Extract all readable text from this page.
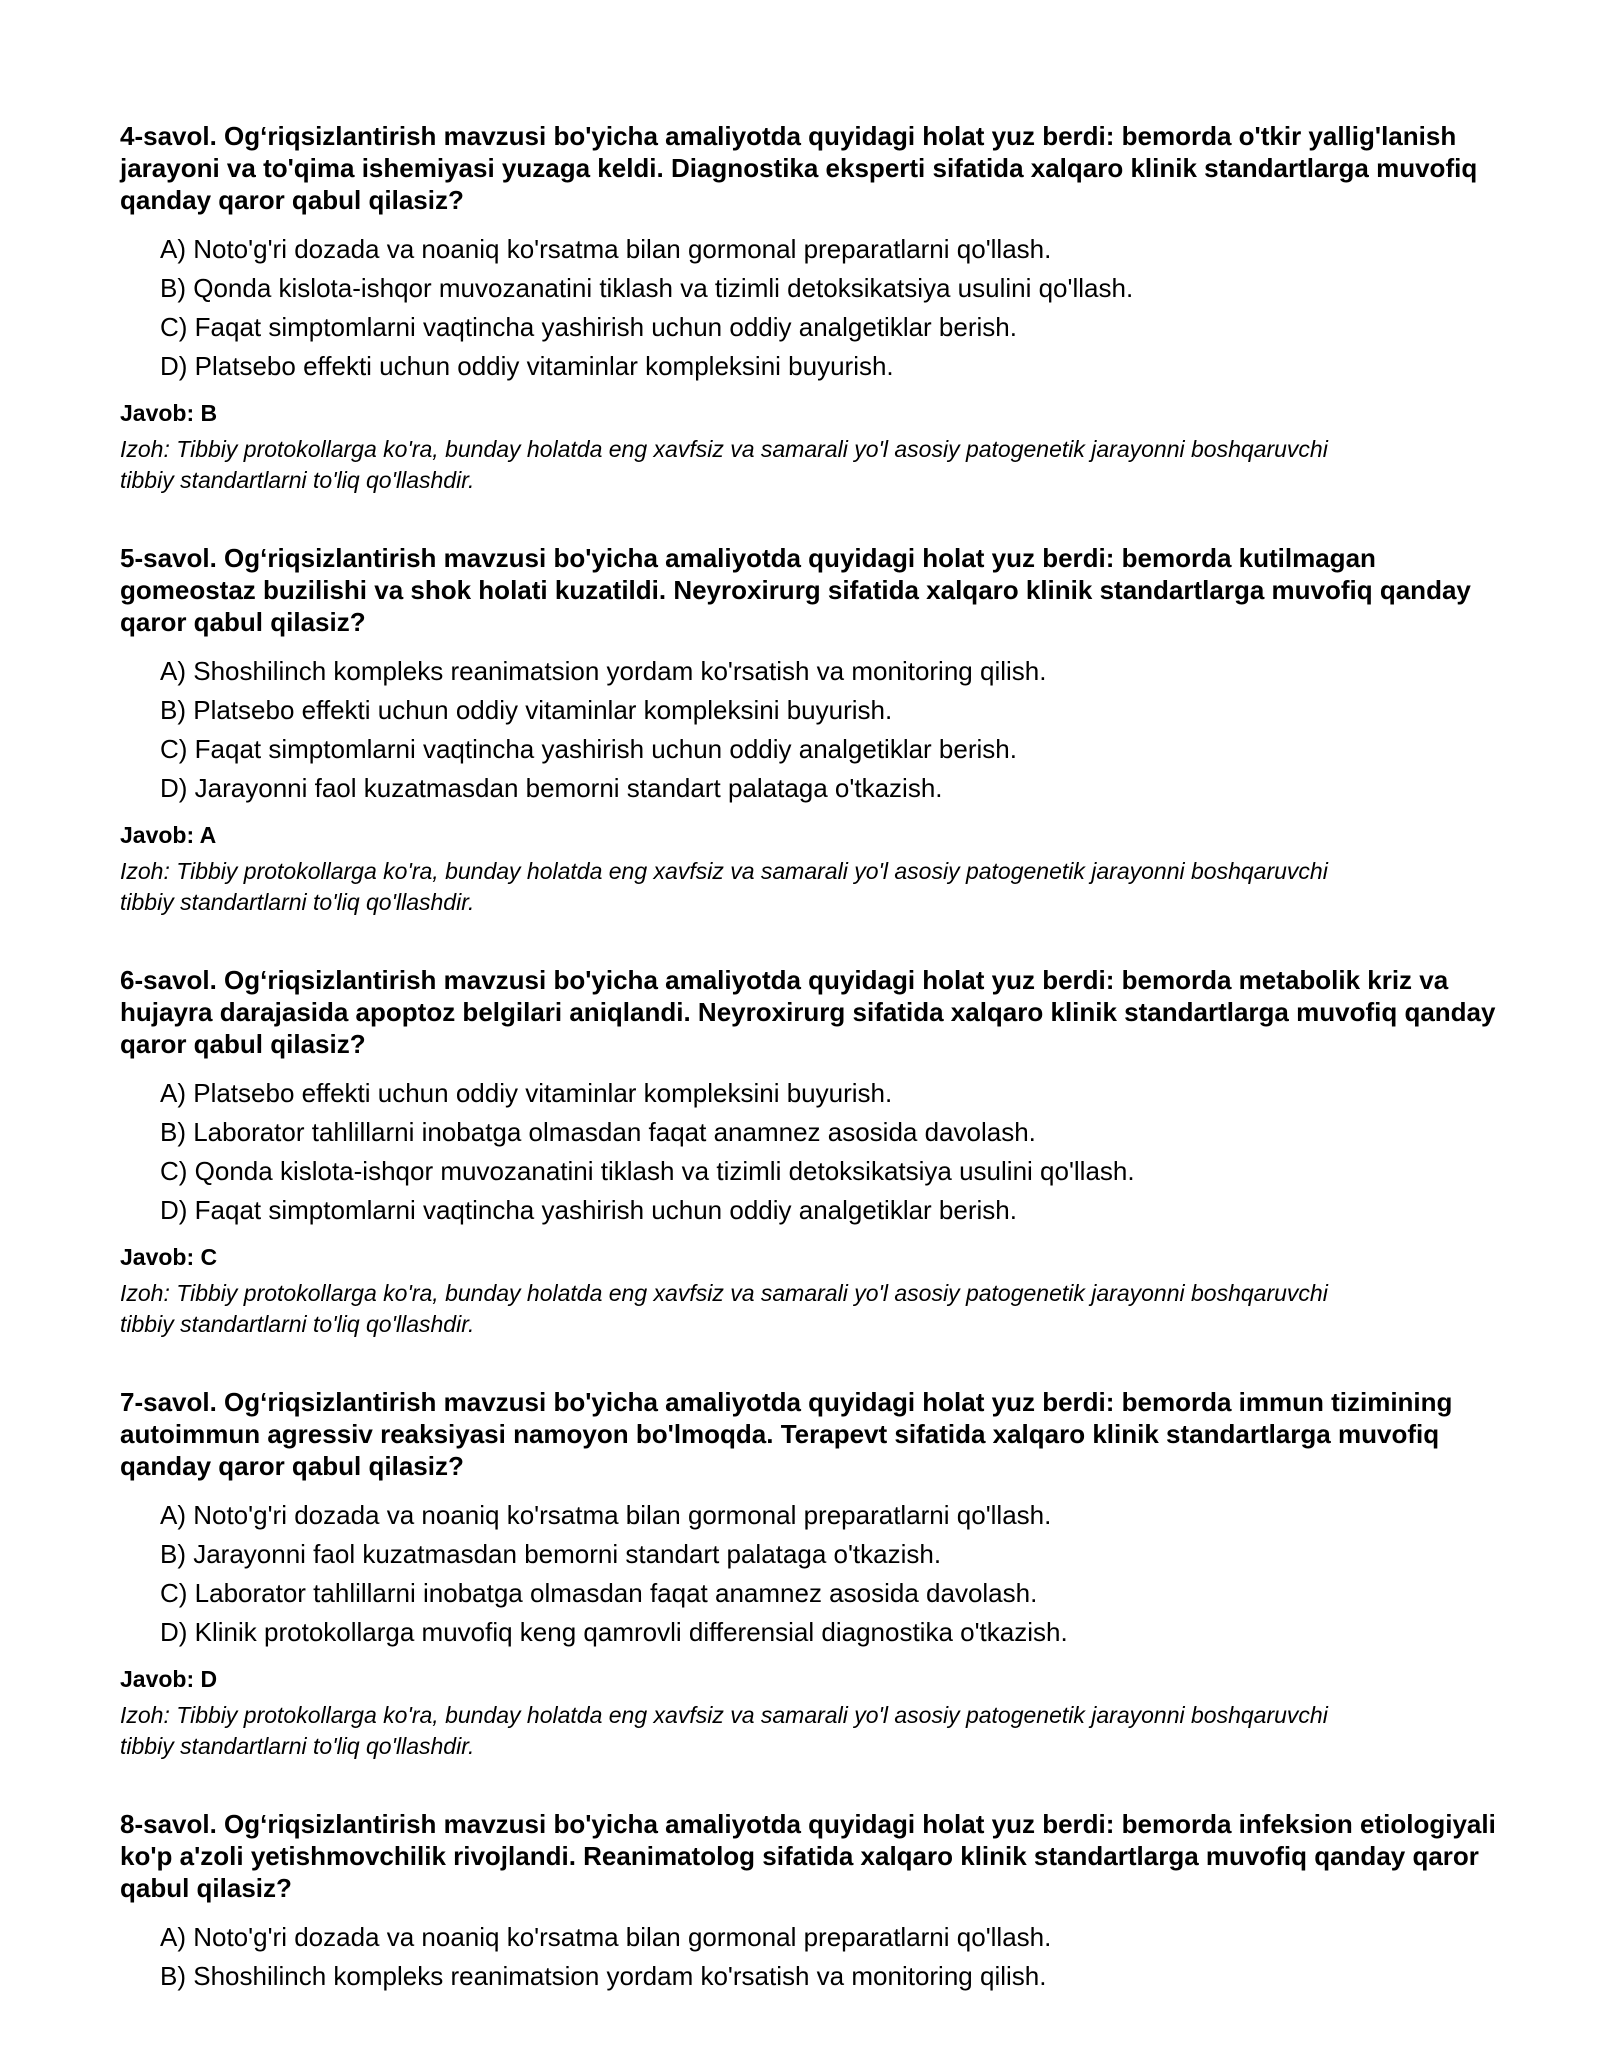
4-savol. Og‘riqsizlantirish mavzusi bo'yicha amaliyotda quyidagi holat yuz berdi: bemorda o'tkir yallig'lanish jarayoni va to'qima ishemiyasi yuzaga keldi. Diagnostika eksperti sifatida xalqaro klinik standartlarga muvofiq qanday qaror qabul qilasiz?

A) Noto'g'ri dozada va noaniq ko'rsatma bilan gormonal preparatlarni qo'llash.
B) Qonda kislota-ishqor muvozanatini tiklash va tizimli detoksikatsiya usulini qo'llash.
C) Faqat simptomlarni vaqtincha yashirish uchun oddiy analgetiklar berish.
D) Platsebo effekti uchun oddiy vitaminlar kompleksini buyurish.

Javob: B

Izoh: Tibbiy protokollarga ko'ra, bunday holatda eng xavfsiz va samarali yo'l asosiy patogenetik jarayonni boshqaruvchi tibbiy standartlarni to'liq qo'llashdir.

5-savol. Og‘riqsizlantirish mavzusi bo'yicha amaliyotda quyidagi holat yuz berdi: bemorda kutilmagan gomeostaz buzilishi va shok holati kuzatildi. Neyroxirurg sifatida xalqaro klinik standartlarga muvofiq qanday qaror qabul qilasiz?

A) Shoshilinch kompleks reanimatsion yordam ko'rsatish va monitoring qilish.
B) Platsebo effekti uchun oddiy vitaminlar kompleksini buyurish.
C) Faqat simptomlarni vaqtincha yashirish uchun oddiy analgetiklar berish.
D) Jarayonni faol kuzatmasdan bemorni standart palataga o'tkazish.

Javob: A

Izoh: Tibbiy protokollarga ko'ra, bunday holatda eng xavfsiz va samarali yo'l asosiy patogenetik jarayonni boshqaruvchi tibbiy standartlarni to'liq qo'llashdir.

6-savol. Og‘riqsizlantirish mavzusi bo'yicha amaliyotda quyidagi holat yuz berdi: bemorda metabolik kriz va hujayra darajasida apoptoz belgilari aniqlandi. Neyroxirurg sifatida xalqaro klinik standartlarga muvofiq qanday qaror qabul qilasiz?

A) Platsebo effekti uchun oddiy vitaminlar kompleksini buyurish.
B) Laborator tahlillarni inobatga olmasdan faqat anamnez asosida davolash.
C) Qonda kislota-ishqor muvozanatini tiklash va tizimli detoksikatsiya usulini qo'llash.
D) Faqat simptomlarni vaqtincha yashirish uchun oddiy analgetiklar berish.

Javob: C

Izoh: Tibbiy protokollarga ko'ra, bunday holatda eng xavfsiz va samarali yo'l asosiy patogenetik jarayonni boshqaruvchi tibbiy standartlarni to'liq qo'llashdir.

7-savol. Og‘riqsizlantirish mavzusi bo'yicha amaliyotda quyidagi holat yuz berdi: bemorda immun tizimining autoimmun agressiv reaksiyasi namoyon bo'lmoqda. Terapevt sifatida xalqaro klinik standartlarga muvofiq qanday qaror qabul qilasiz?

A) Noto'g'ri dozada va noaniq ko'rsatma bilan gormonal preparatlarni qo'llash.
B) Jarayonni faol kuzatmasdan bemorni standart palataga o'tkazish.
C) Laborator tahlillarni inobatga olmasdan faqat anamnez asosida davolash.
D) Klinik protokollarga muvofiq keng qamrovli differensial diagnostika o'tkazish.

Javob: D

Izoh: Tibbiy protokollarga ko'ra, bunday holatda eng xavfsiz va samarali yo'l asosiy patogenetik jarayonni boshqaruvchi tibbiy standartlarni to'liq qo'llashdir.

8-savol. Og‘riqsizlantirish mavzusi bo'yicha amaliyotda quyidagi holat yuz berdi: bemorda infeksion etiologiyali ko'p a'zoli yetishmovchilik rivojlandi. Reanimatolog sifatida xalqaro klinik standartlarga muvofiq qanday qaror qabul qilasiz?

A) Noto'g'ri dozada va noaniq ko'rsatma bilan gormonal preparatlarni qo'llash.
B) Shoshilinch kompleks reanimatsion yordam ko'rsatish va monitoring qilish.
